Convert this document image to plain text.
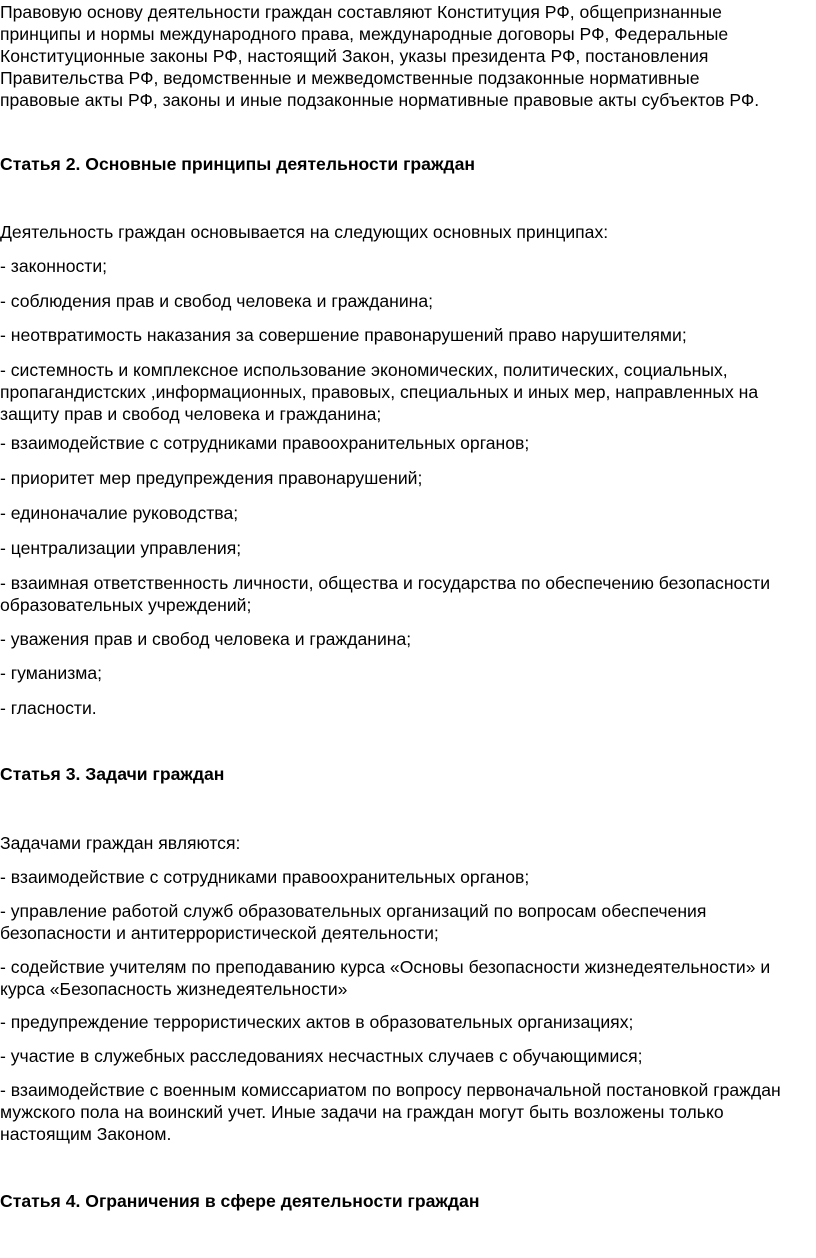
Правовую основу деятельности граждан составляют Конституция РФ, общепризнанные
принципы и нормы международного права, международные договоры РФ, Федеральные
Конституционные законы РФ, настоящий Закон, указы президента РФ, постановления
Правительства РФ, ведомственные и межведомственные подзаконные нормативные
правовые акты РФ, законы и иные подзаконные нормативные правовые акты субъектов РФ.
Статья 2. Основные принципы деятельности граждан
Деятельность граждан основывается на следующих основных принципах:
- законности;
- соблюдения прав и свобод человека и гражданина;
- неотвратимость наказания за совершение правонарушений право нарушителями;
- системность и комплексное использование экономических, политических, социальных,
пропагандистских ,информационных, правовых, специальных и иных мер, направленных на
защиту прав и свобод человека и гражданина;
- взаимодействие с сотрудниками правоохранительных органов;
- приоритет мер предупреждения правонарушений;
- единоначалие руководства;
- централизации управления;
- взаимная ответственность личности, общества и государства по обеспечению безопасности
образовательных учреждений;
- уважения прав и свобод человека и гражданина;
- гуманизма;
- гласности.
Статья 3. Задачи граждан
Задачами граждан являются:
- взаимодействие с сотрудниками правоохранительных органов;
- управление работой служб образовательных организаций по вопросам обеспечения
безопасности и антитеррористической деятельности;
- содействие учителям по преподаванию курса «Основы безопасности жизнедеятельности» и
курса «Безопасность жизнедеятельности»
- предупреждение террористических актов в образовательных организациях;
- участие в служебных расследованиях несчастных случаев с обучающимися;
- взаимодействие с военным комиссариатом по вопросу первоначальной постановкой граждан
мужского пола на воинский учет. Иные задачи на граждан могут быть возложены только
настоящим Законом.
Статья 4. Ограничения в сфере деятельности граждан
